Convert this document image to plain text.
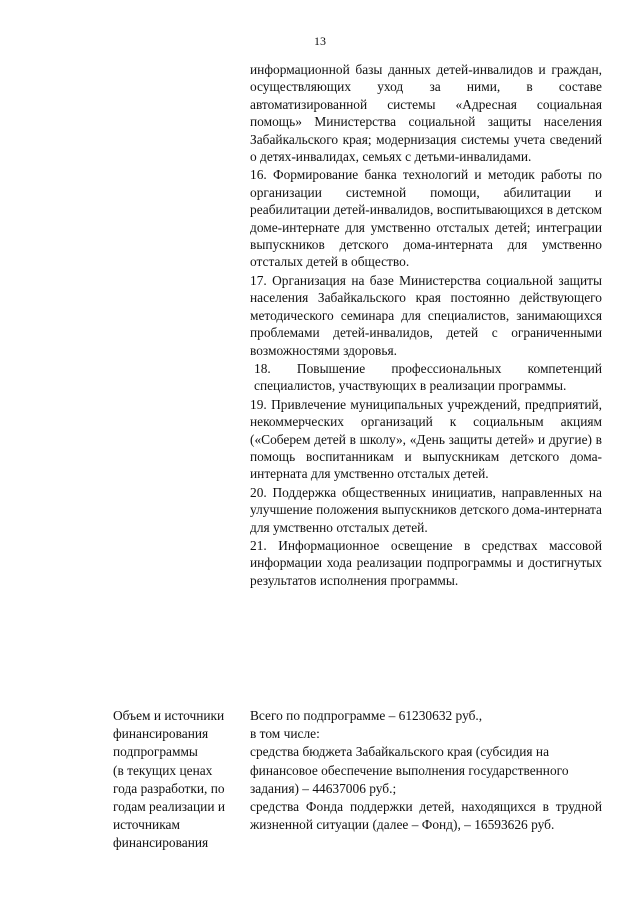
13

информационной базы данных детей-инвалидов и граждан, осуществляющих уход за ними, в составе автоматизированной системы «Адресная социальная помощь» Министерства социальной защиты населения Забайкальского края; модернизация системы учета сведений о детях-инвалидах, семьях с детьми-инвалидами.

16. Формирование банка технологий и методик работы по организации системной помощи, абилитации и реабилитации детей-инвалидов, воспитывающихся в детском доме-интернате для умственно отсталых детей; интеграции выпускников детского дома-интерната для умственно отсталых детей в общество.

17. Организация на базе Министерства социальной защиты населения Забайкальского края постоянно действующего методического семинара для специалистов, занимающихся проблемами детей-инвалидов, детей с ограниченными возможностями здоровья.

18. Повышение профессиональных компетенций специалистов, участвующих в реализации программы.

19. Привлечение муниципальных учреждений, предприятий, некоммерческих организаций к социальным акциям («Соберем детей в школу», «День защиты детей» и другие) в помощь воспитанникам и выпускникам детского дома-интерната для умственно отсталых детей.

20. Поддержка общественных инициатив, направленных на улучшение положения выпускников детского дома-интерната для умственно отсталых детей.

21. Информационное освещение в средствах массовой информации хода реализации подпрограммы и достигнутых результатов исполнения программы.

Объем и источники
финансирования
подпрограммы
(в текущих ценах
года разработки, по
годам реализации и
источникам
финансирования
Всего по подпрограмме – 61230632 руб.,
в том числе:
средства бюджета Забайкальского края (субсидия на финансовое обеспечение выполнения государственного задания) – 44637006 руб.;
средства Фонда поддержки детей, находящихся в трудной жизненной ситуации (далее – Фонд), – 16593626 руб.
